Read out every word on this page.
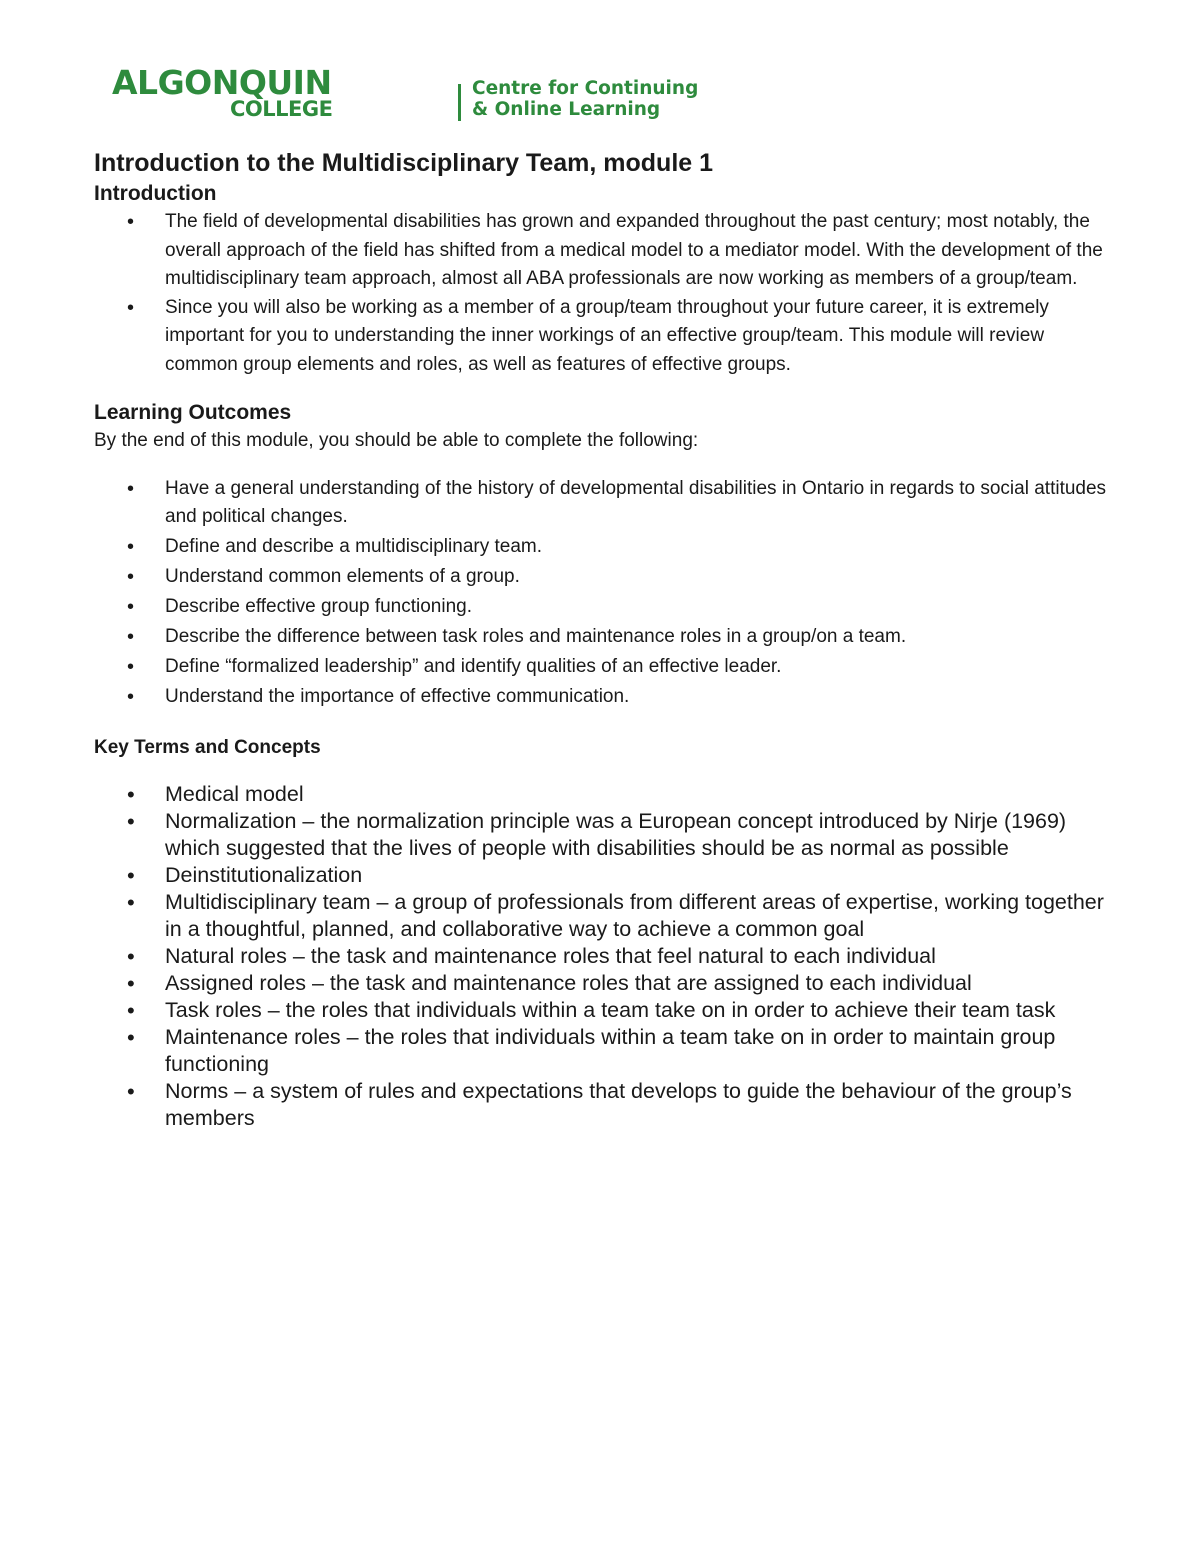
ALGONQUIN
COLLEGE
Centre for Continuing
& Online Learning
Introduction to the Multidisciplinary Team, module 1
Introduction
• The field of developmental disabilities has grown and expanded throughout the past century; most notably, the overall approach of the field has shifted from a medical model to a mediator model. With the development of the multidisciplinary team approach, almost all ABA professionals are now working as members of a group/team.
• Since you will also be working as a member of a group/team throughout your future career, it is extremely important for you to understanding the inner workings of an effective group/team. This module will review common group elements and roles, as well as features of effective groups.
Learning Outcomes

By the end of this module, you should be able to complete the following:

• Have a general understanding of the history of developmental disabilities in Ontario in regards to social attitudes and political changes.
• Define and describe a multidisciplinary team.
• Understand common elements of a group.
• Describe effective group functioning.
• Describe the difference between task roles and maintenance roles in a group/on a team.
• Define “formalized leadership” and identify qualities of an effective leader.
• Understand the importance of effective communication.
Key Terms and Concepts
• Medical model
• Normalization – the normalization principle was a European concept introduced by Nirje (1969) which suggested that the lives of people with disabilities should be as normal as possible
• Deinstitutionalization
• Multidisciplinary team – a group of professionals from different areas of expertise, working together in a thoughtful, planned, and collaborative way to achieve a common goal
• Natural roles – the task and maintenance roles that feel natural to each individual
• Assigned roles – the task and maintenance roles that are assigned to each individual
• Task roles – the roles that individuals within a team take on in order to achieve their team task
• Maintenance roles – the roles that individuals within a team take on in order to maintain group functioning
• Norms – a system of rules and expectations that develops to guide the behaviour of the group’s members
